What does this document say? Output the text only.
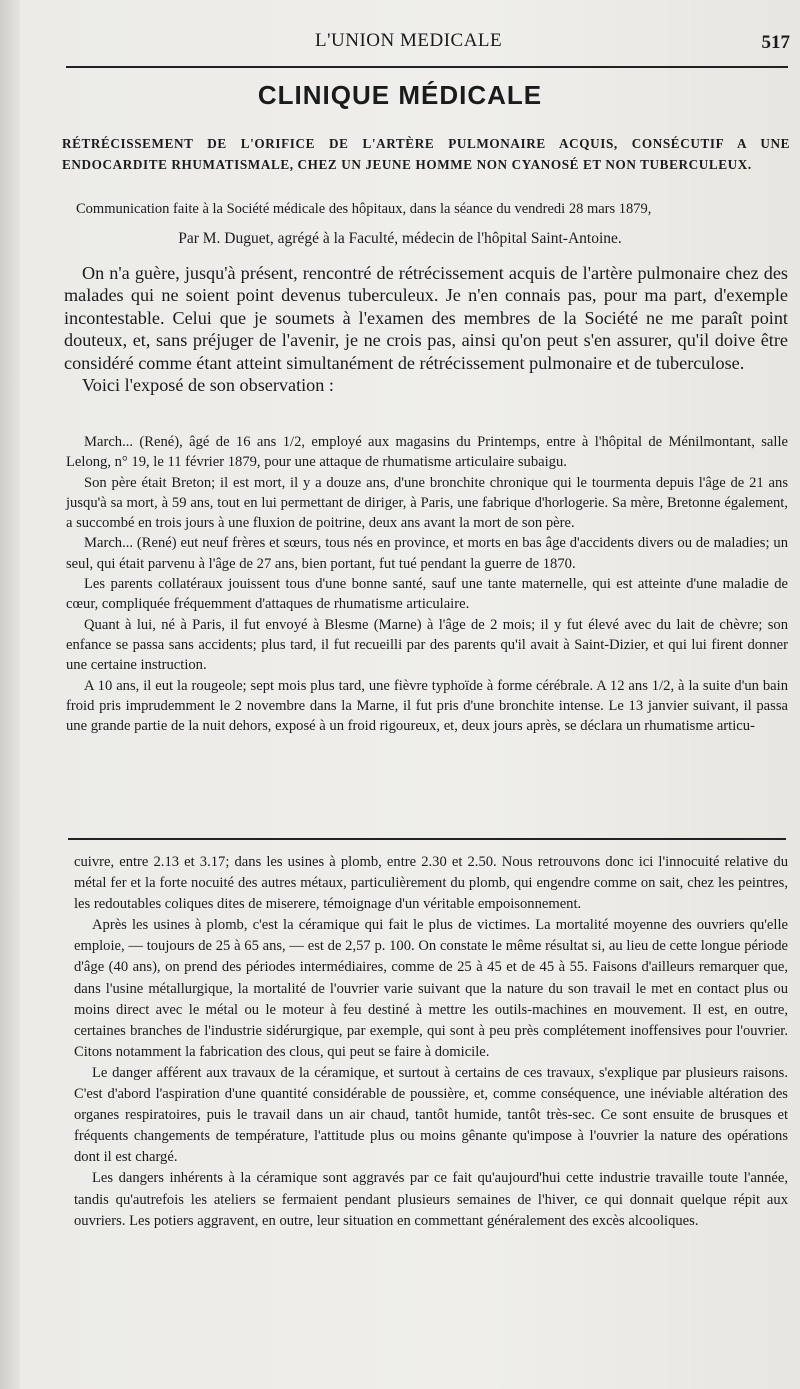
L'UNION MEDICALE	517
CLINIQUE MÉDICALE
RÉTRÉCISSEMENT DE L'ORIFICE DE L'ARTÈRE PULMONAIRE ACQUIS, CONSÉCUTIF A UNE ENDOCARDITE RHUMATISMALE, CHEZ UN JEUNE HOMME NON CYANOSÉ ET NON TUBERCULEUX.
Communication faite à la Société médicale des hôpitaux, dans la séance du vendredi 28 mars 1879,
Par M. Duguet, agrégé à la Faculté, médecin de l'hôpital Saint-Antoine.

On n'a guère, jusqu'à présent, rencontré de rétrécissement acquis de l'artère pulmonaire chez des malades qui ne soient point devenus tuberculeux. Je n'en connais pas, pour ma part, d'exemple incontestable. Celui que je soumets à l'examen des membres de la Société ne me paraît point douteux, et, sans préjuger de l'avenir, je ne crois pas, ainsi qu'on peut s'en assurer, qu'il doive être considéré comme étant atteint simultanément de rétrécissement pulmonaire et de tuberculose.

Voici l'exposé de son observation :

March... (René), âgé de 16 ans 1/2, employé aux magasins du Printemps, entre à l'hôpital de Ménilmontant, salle Lelong, n° 19, le 11 février 1879, pour une attaque de rhumatisme articulaire subaigu.

Son père était Breton; il est mort, il y a douze ans, d'une bronchite chronique qui le tourmenta depuis l'âge de 21 ans jusqu'à sa mort, à 59 ans, tout en lui permettant de diriger, à Paris, une fabrique d'horlogerie. Sa mère, Bretonne également, a succombé en trois jours à une fluxion de poitrine, deux ans avant la mort de son père.

March... (René) eut neuf frères et sœurs, tous nés en province, et morts en bas âge d'accidents divers ou de maladies; un seul, qui était parvenu à l'âge de 27 ans, bien portant, fut tué pendant la guerre de 1870.

Les parents collatéraux jouissent tous d'une bonne santé, sauf une tante maternelle, qui est atteinte d'une maladie de cœur, compliquée fréquemment d'attaques de rhumatisme articulaire.

Quant à lui, né à Paris, il fut envoyé à Blesme (Marne) à l'âge de 2 mois; il y fut élevé avec du lait de chèvre; son enfance se passa sans accidents; plus tard, il fut recueilli par des parents qu'il avait à Saint-Dizier, et qui lui firent donner une certaine instruction.

A 10 ans, il eut la rougeole; sept mois plus tard, une fièvre typhoïde à forme cérébrale. A 12 ans 1/2, à la suite d'un bain froid pris imprudemment le 2 novembre dans la Marne, il fut pris d'une bronchite intense. Le 13 janvier suivant, il passa une grande partie de la nuit dehors, exposé à un froid rigoureux, et, deux jours après, se déclara un rhumatisme articu-

cuivre, entre 2.13 et 3.17; dans les usines à plomb, entre 2.30 et 2.50. Nous retrouvons donc ici l'innocuité relative du métal fer et la forte nocuité des autres métaux, particulièrement du plomb, qui engendre comme on sait, chez les peintres, les redoutables coliques dites de miserere, témoignage d'un véritable empoisonnement.

Après les usines à plomb, c'est la céramique qui fait le plus de victimes. La mortalité moyenne des ouvriers qu'elle emploie, — toujours de 25 à 65 ans, — est de 2,57 p. 100. On constate le même résultat si, au lieu de cette longue période d'âge (40 ans), on prend des périodes intermédiaires, comme de 25 à 45 et de 45 à 55. Faisons d'ailleurs remarquer que, dans l'usine métallurgique, la mortalité de l'ouvrier varie suivant que la nature du son travail le met en contact plus ou moins direct avec le métal ou le moteur à feu destiné à mettre les outils-machines en mouvement. Il est, en outre, certaines branches de l'industrie sidérurgique, par exemple, qui sont à peu près complétement inoffensives pour l'ouvrier. Citons notamment la fabrication des clous, qui peut se faire à domicile.

Le danger afférent aux travaux de la céramique, et surtout à certains de ces travaux, s'explique par plusieurs raisons. C'est d'abord l'aspiration d'une quantité considérable de poussière, et, comme conséquence, une inéviable altération des organes respiratoires, puis le travail dans un air chaud, tantôt humide, tantôt très-sec. Ce sont ensuite de brusques et fréquents changements de température, l'attitude plus ou moins gênante qu'impose à l'ouvrier la nature des opérations dont il est chargé.

Les dangers inhérents à la céramique sont aggravés par ce fait qu'aujourd'hui cette industrie travaille toute l'année, tandis qu'autrefois les ateliers se fermaient pendant plusieurs semaines de l'hiver, ce qui donnait quelque répit aux ouvriers. Les potiers aggravent, en outre, leur situation en commettant généralement des excès alcooliques.
